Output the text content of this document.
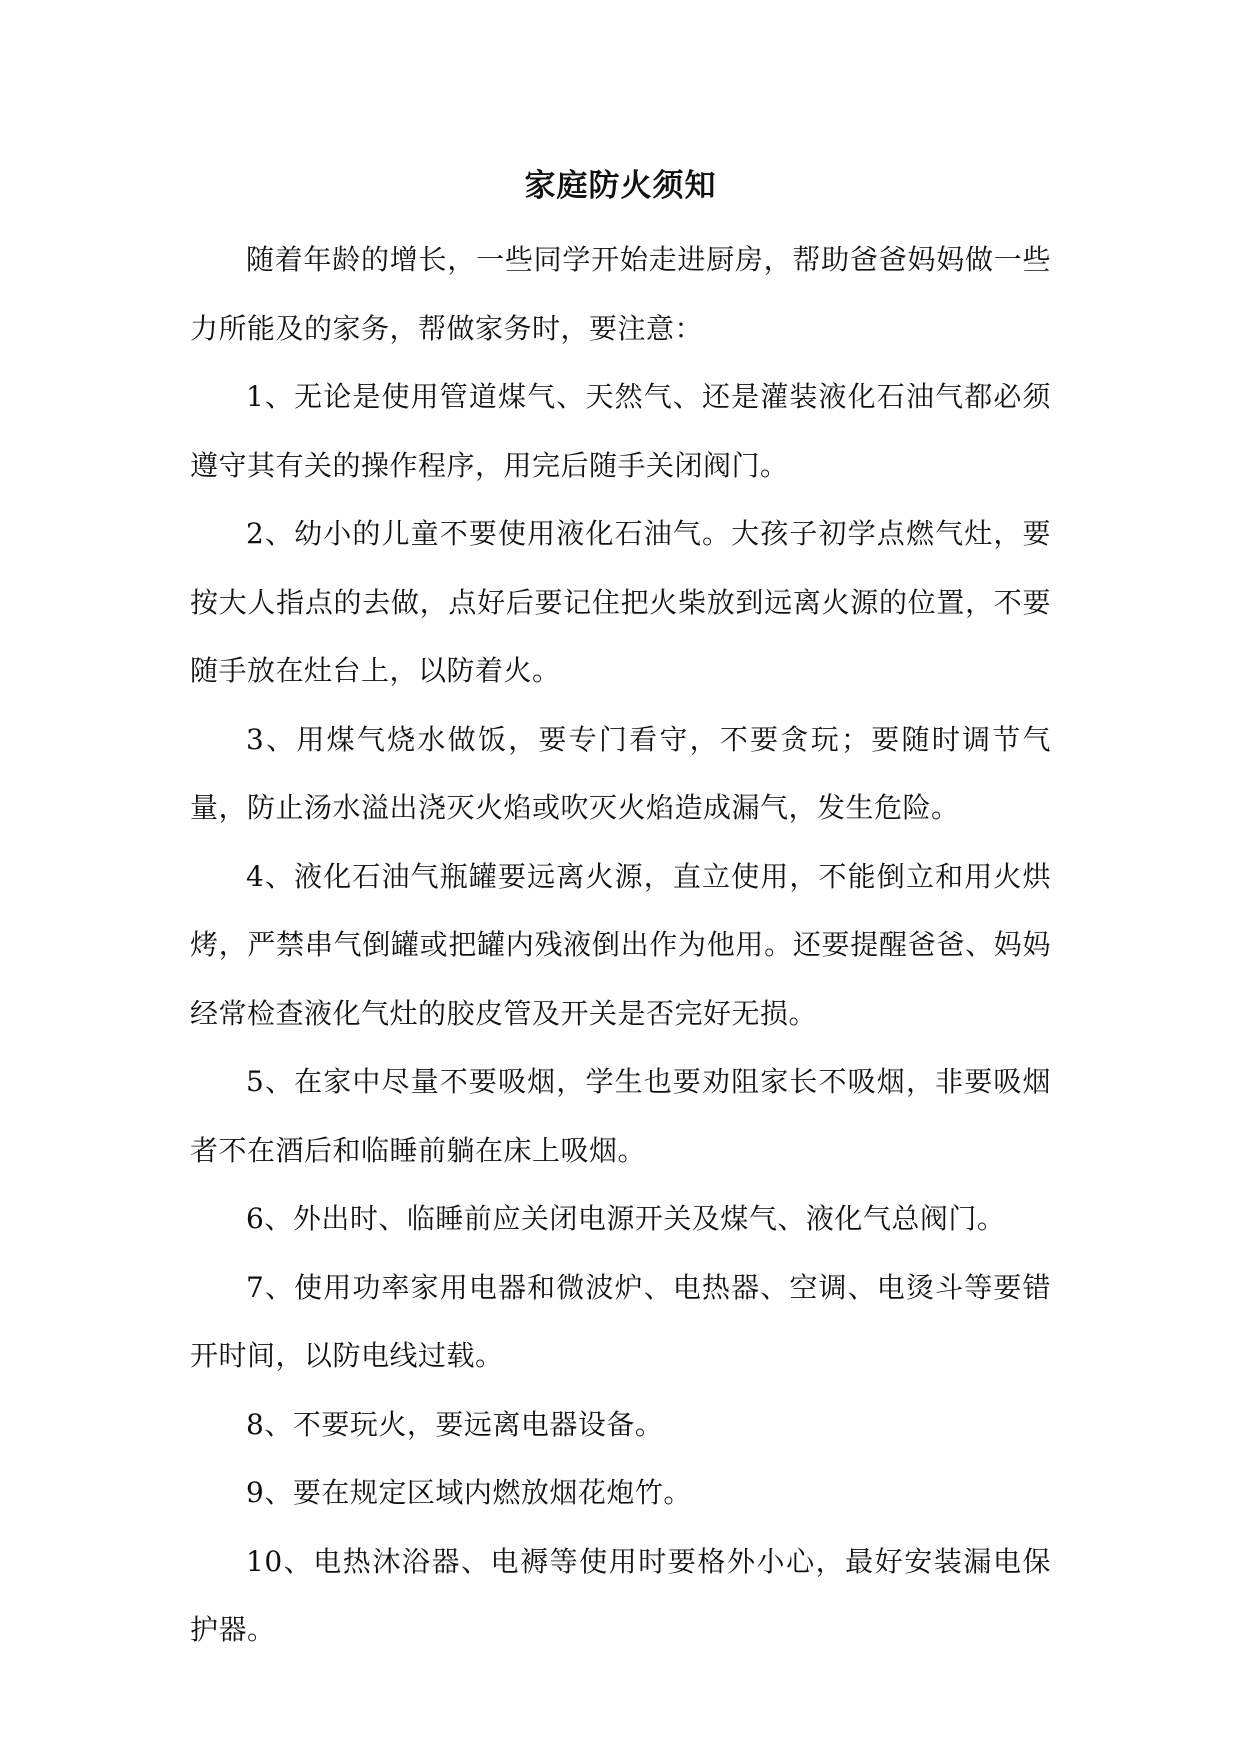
家庭防火须知

随着年龄的增长，一些同学开始走进厨房，帮助爸爸妈妈做一些力所能及的家务，帮做家务时，要注意：

1、无论是使用管道煤气、天然气、还是灌装液化石油气都必须遵守其有关的操作程序，用完后随手关闭阀门。

2、幼小的儿童不要使用液化石油气。大孩子初学点燃气灶，要按大人指点的去做，点好后要记住把火柴放到远离火源的位置，不要随手放在灶台上，以防着火。

3、用煤气烧水做饭，要专门看守，不要贪玩；要随时调节气量，防止汤水溢出浇灭火焰或吹灭火焰造成漏气，发生危险。

4、液化石油气瓶罐要远离火源，直立使用，不能倒立和用火烘烤，严禁串气倒罐或把罐内残液倒出作为他用。还要提醒爸爸、妈妈经常检查液化气灶的胶皮管及开关是否完好无损。

5、在家中尽量不要吸烟，学生也要劝阻家长不吸烟，非要吸烟者不在酒后和临睡前躺在床上吸烟。

6、外出时、临睡前应关闭电源开关及煤气、液化气总阀门。

7、使用功率家用电器和微波炉、电热器、空调、电烫斗等要错开时间，以防电线过载。

8、不要玩火，要远离电器设备。

9、要在规定区域内燃放烟花炮竹。

10、电热沐浴器、电褥等使用时要格外小心，最好安装漏电保护器。
